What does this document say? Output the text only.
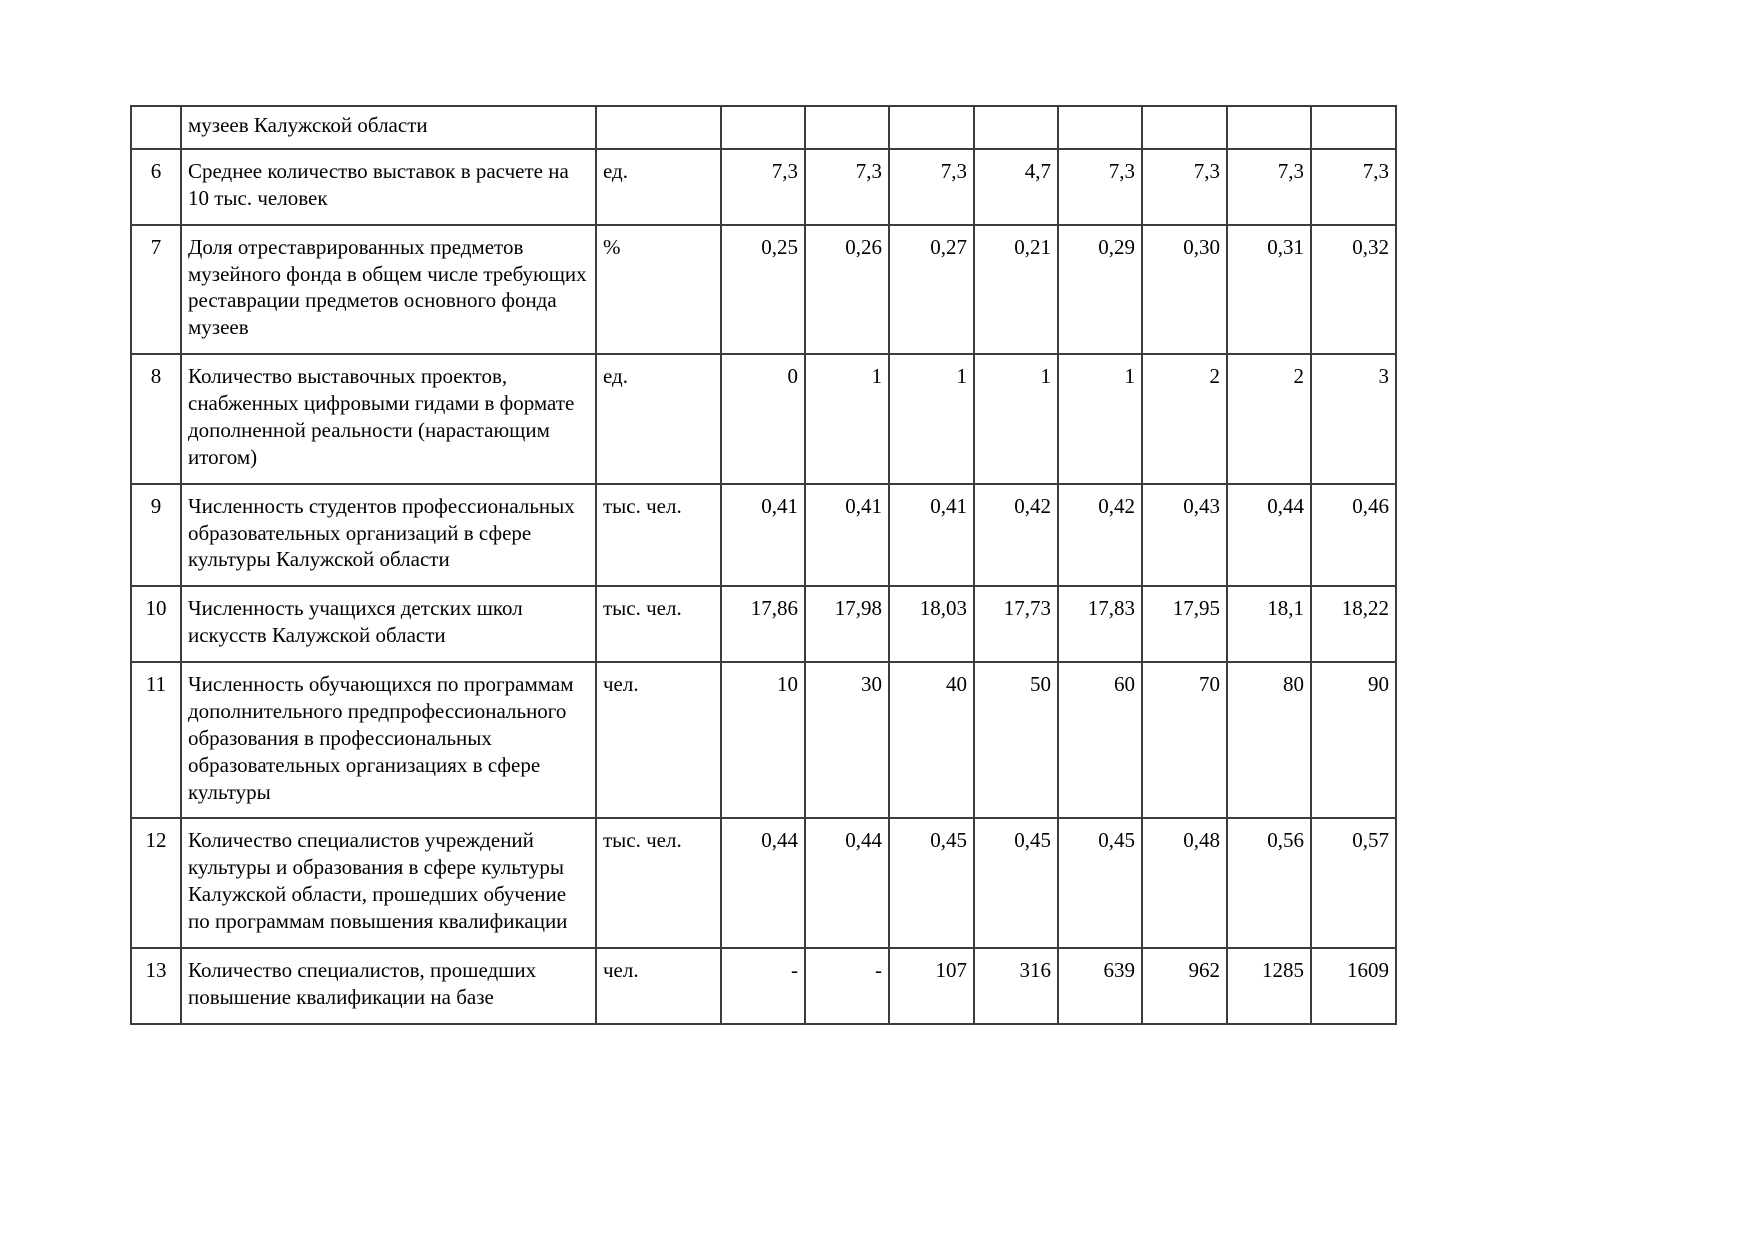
	музеев Калужской области									
6	Среднее количество выставок в расчете на 10 тыс. человек	ед.	7,3	7,3	7,3	4,7	7,3	7,3	7,3	7,3
7	Доля отреставрированных предметов музейного фонда в общем числе требующих реставрации предметов основного фонда музеев	%	0,25	0,26	0,27	0,21	0,29	0,30	0,31	0,32
8	Количество выставочных проектов, снабженных цифровыми гидами в формате дополненной реальности (нарастающим итогом)	ед.	0	1	1	1	1	2	2	3
9	Численность студентов профессиональных образовательных организаций в сфере культуры Калужской области	тыс. чел.	0,41	0,41	0,41	0,42	0,42	0,43	0,44	0,46
10	Численность учащихся детских школ искусств Калужской области	тыс. чел.	17,86	17,98	18,03	17,73	17,83	17,95	18,1	18,22
11	Численность обучающихся по программам дополнительного предпрофессионального образования в профессиональных образовательных организациях в сфере культуры	чел.	10	30	40	50	60	70	80	90
12	Количество специалистов учреждений культуры и образования в сфере культуры Калужской области, прошедших обучение по программам повышения квалификации	тыс. чел.	0,44	0,44	0,45	0,45	0,45	0,48	0,56	0,57
13	Количество специалистов, прошедших повышение квалификации на базе	чел.	-	-	107	316	639	962	1285	1609
